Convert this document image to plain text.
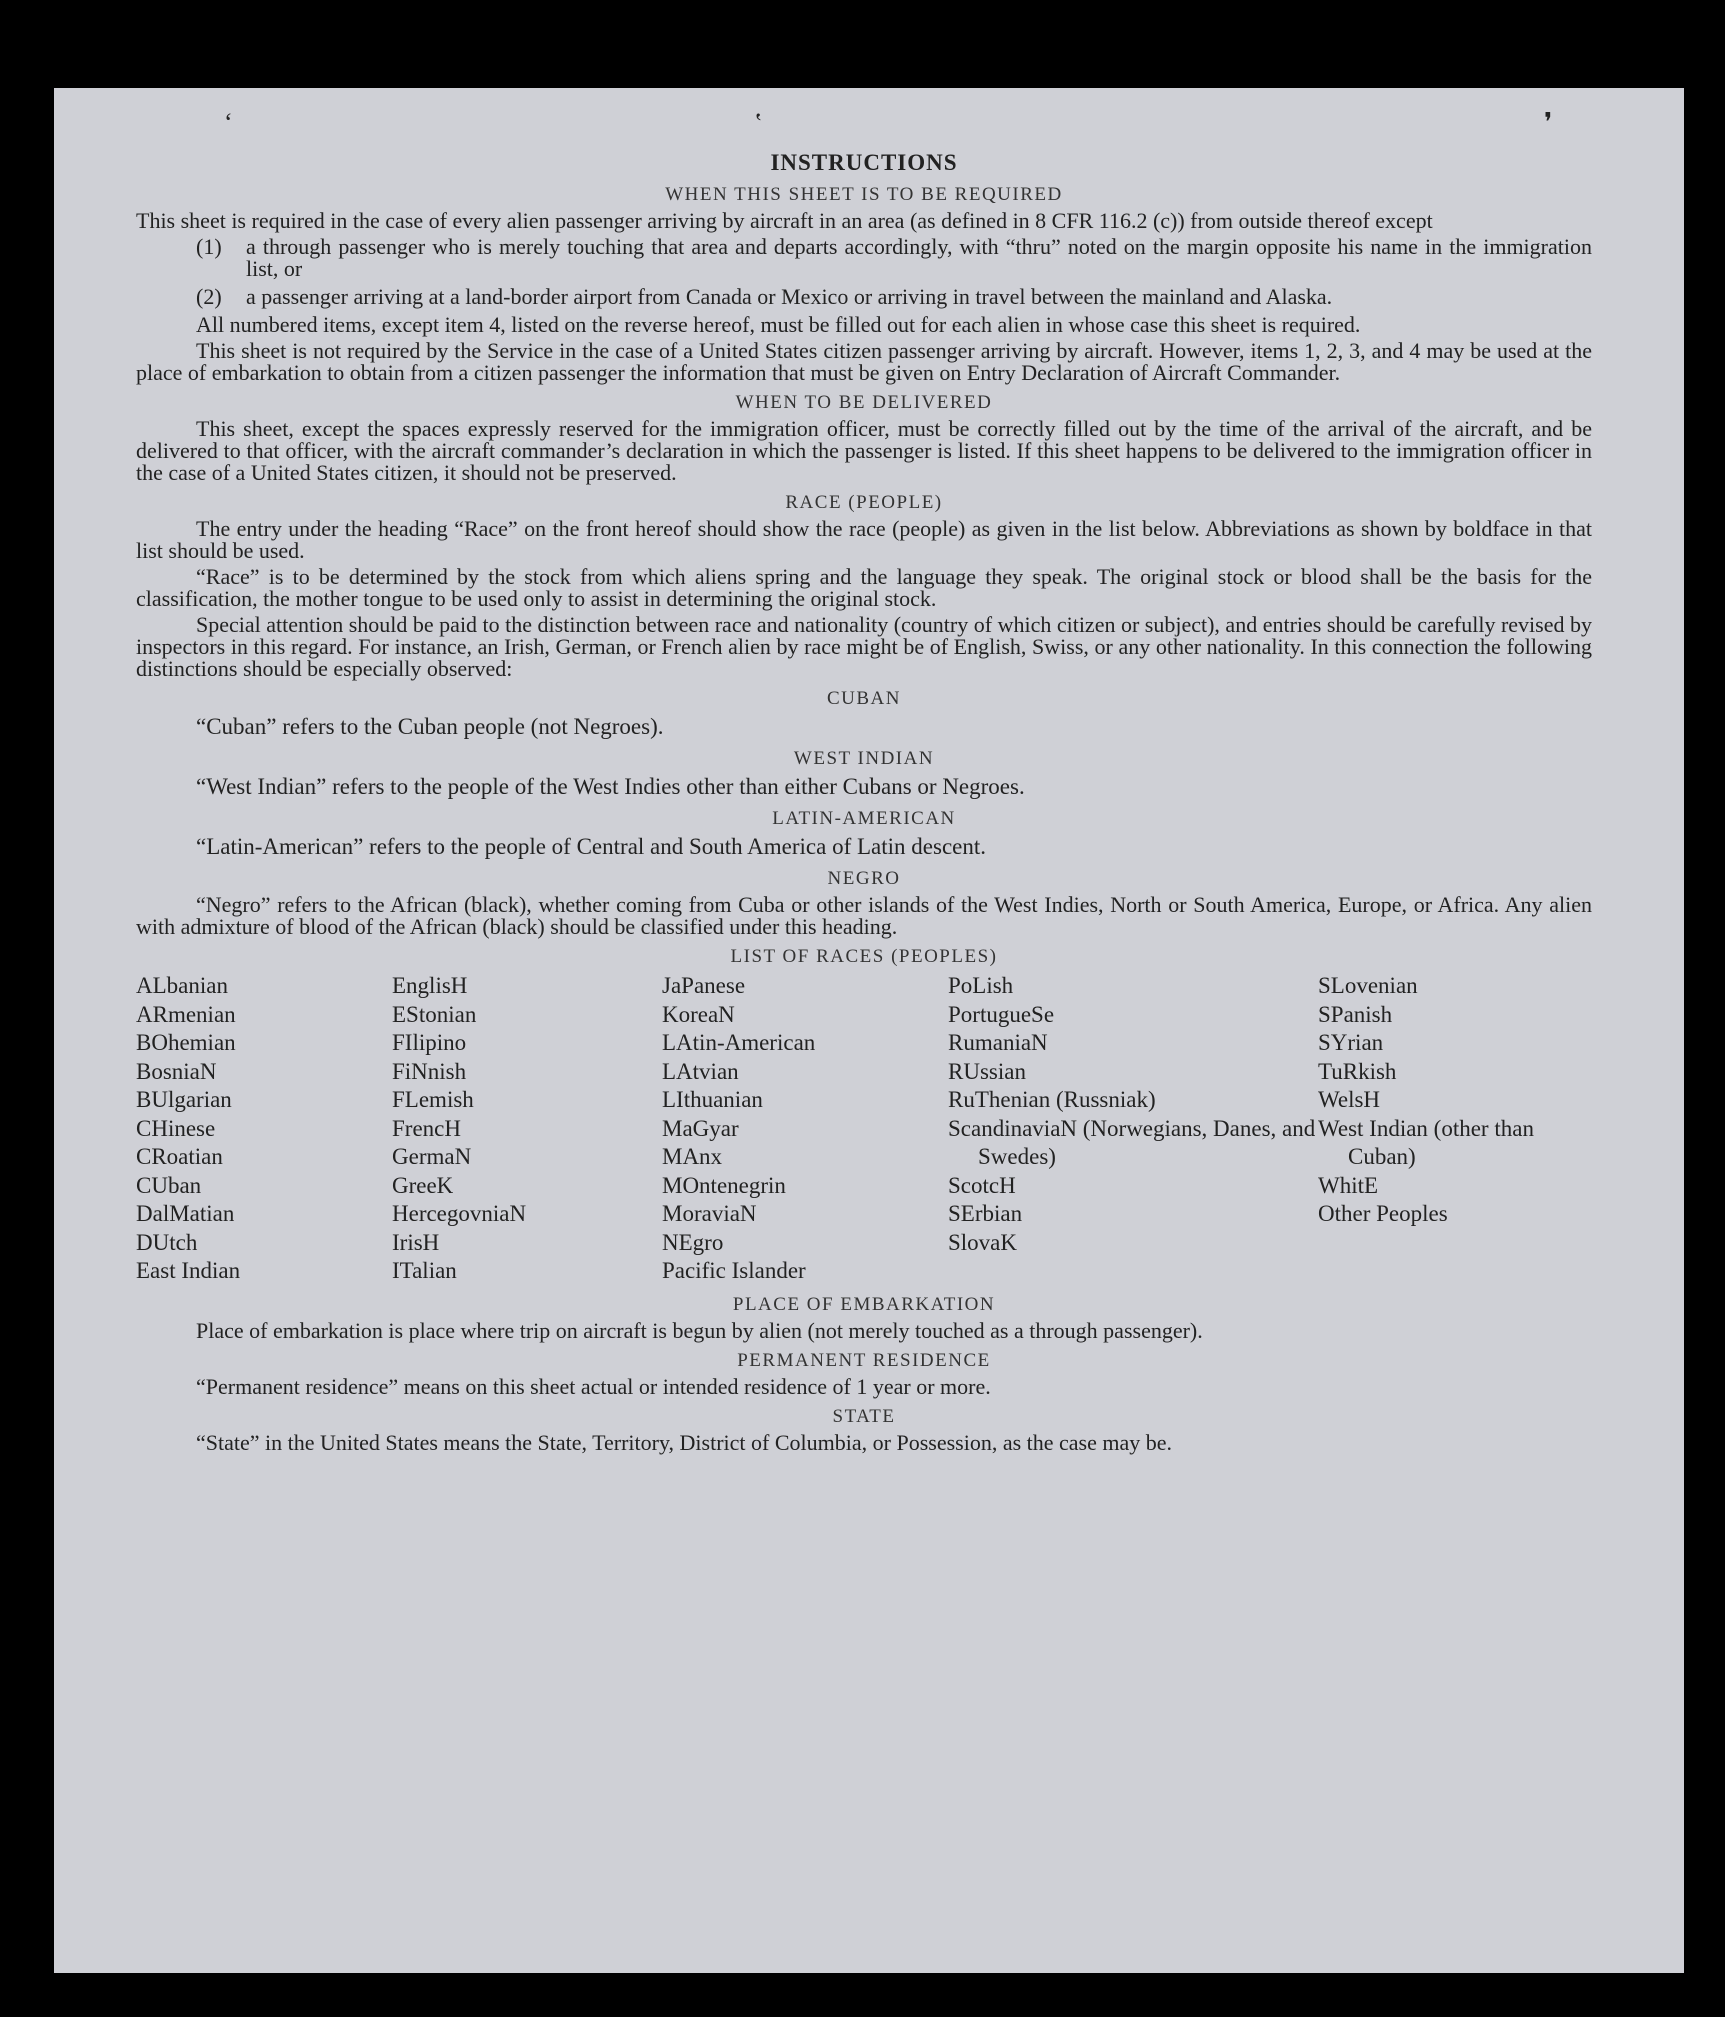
‘	‛	❜
INSTRUCTIONS
WHEN THIS SHEET IS TO BE REQUIRED

This sheet is required in the case of every alien passenger arriving by aircraft in an area (as defined in 8 CFR 116.2 (c)) from outside thereof except

(1) a through passenger who is merely touching that area and departs accordingly, with “thru” noted on the margin opposite his name in the immigration list, or

(2) a passenger arriving at a land-border airport from Canada or Mexico or arriving in travel between the mainland and Alaska.

All numbered items, except item 4, listed on the reverse hereof, must be filled out for each alien in whose case this sheet is required.

This sheet is not required by the Service in the case of a United States citizen passenger arriving by aircraft. However, items 1, 2, 3, and 4 may be used at the place of embarkation to obtain from a citizen passenger the information that must be given on Entry Declaration of Aircraft Commander.

WHEN TO BE DELIVERED

This sheet, except the spaces expressly reserved for the immigration officer, must be correctly filled out by the time of the arrival of the aircraft, and be delivered to that officer, with the aircraft commander’s declaration in which the passenger is listed. If this sheet happens to be delivered to the immigration officer in the case of a United States citizen, it should not be preserved.

RACE (PEOPLE)

The entry under the heading “Race” on the front hereof should show the race (people) as given in the list below. Abbreviations as shown by boldface in that list should be used.

“Race” is to be determined by the stock from which aliens spring and the language they speak. The original stock or blood shall be the basis for the classification, the mother tongue to be used only to assist in determining the original stock.

Special attention should be paid to the distinction between race and nationality (country of which citizen or subject), and entries should be carefully revised by inspectors in this regard. For instance, an Irish, German, or French alien by race might be of English, Swiss, or any other nationality. In this connection the following distinctions should be especially observed:

CUBAN

“Cuban” refers to the Cuban people (not Negroes).

WEST INDIAN

“West Indian” refers to the people of the West Indies other than either Cubans or Negroes.

LATIN-AMERICAN

“Latin-American” refers to the people of Central and South America of Latin descent.

NEGRO

“Negro” refers to the African (black), whether coming from Cuba or other islands of the West Indies, North or South America, Europe, or Africa. Any alien with admixture of blood of the African (black) should be classified under this heading.

LIST OF RACES (PEOPLES)
ALbanian
ARmenian
BOhemian
BosniaN
BUlgarian
CHinese
CRoatian
CUban
DalMatian
DUtch
East Indian
EnglisH
EStonian
FIlipino
FiNnish
FLemish
FrencH
GermaN
GreeK
HercegovniaN
IrisH
ITalian
JaPanese
KoreaN
LAtin-American
LAtvian
LIthuanian
MaGyar
MAnx
MOntenegrin
MoraviaN
NEgro
Pacific Islander
PoLish
PortugueSe
RumaniaN
RUssian
RuThenian (Russniak)
ScandinaviaN (Norwegians, Danes, and Swedes)
ScotcH
SErbian
SlovaK
SLovenian
SPanish
SYrian
TuRkish
WelsH
West Indian (other than Cuban)
WhitE
Other Peoples
PLACE OF EMBARKATION

Place of embarkation is place where trip on aircraft is begun by alien (not merely touched as a through passenger).

PERMANENT RESIDENCE

“Permanent residence” means on this sheet actual or intended residence of 1 year or more.

STATE

“State” in the United States means the State, Territory, District of Columbia, or Possession, as the case may be.
